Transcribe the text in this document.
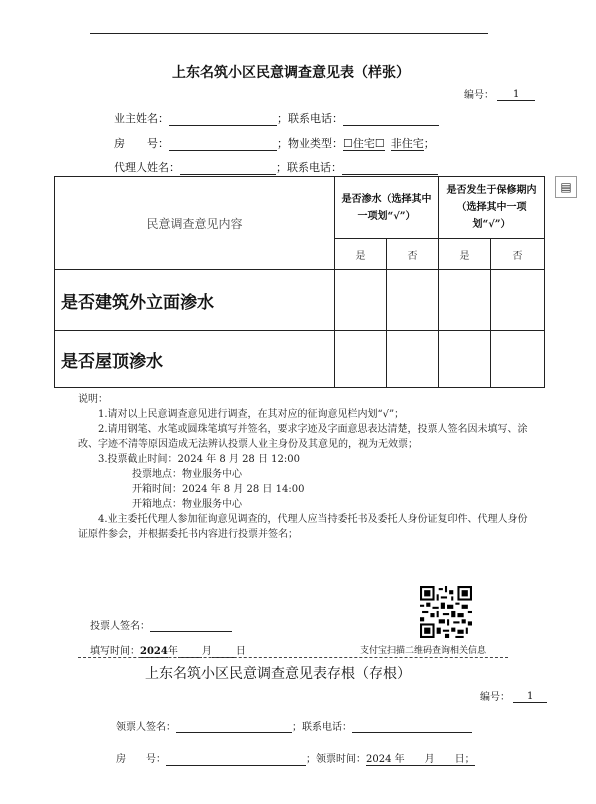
上东名筑小区民意调查意见表（样张）
编号： 1
业主姓名：	；联系电话：
房　　号：	；物业类型：☐住宅☐ 非住宅；
代理人姓名：	；联系电话：
▤
民意调查意见内容	是否渗水（选择其中一项划“√”）		是否发生于保修期内（选择其中一项划“√”）	
	是	否	是	否
是否建筑外立面渗水				
是否屋顶渗水				

说明：

1.请对以上民意调查意见进行调查，在其对应的征询意见栏内划“√”；

2.请用钢笔、水笔或圆珠笔填写并签名，要求字迹及字面意思表达清楚，投票人签名因未填写、涂改、字迹不清等原因造成无法辨认投票人业主身份及其意见的，视为无效票；

3.投票截止时间：2024 年 8 月 28 日 12:00

投票地点：物业服务中心

开箱时间：2024 年 8 月 28 日 14:00

开箱地点：物业服务中心

4.业主委托代理人参加征询意见调查的，代理人应当持委托书及委托人身份证复印件、代理人身份证原件参会，并根据委托书内容进行投票并签名；

支付宝扫描二维码查询相关信息
投票人签名：
填写时间：2024年 月 日
上东名筑小区民意调查意见表存根（存根）
编号： 1
领票人签名：	；联系电话：
房　　号：	；领票时间：2024 年　　月　　日；
